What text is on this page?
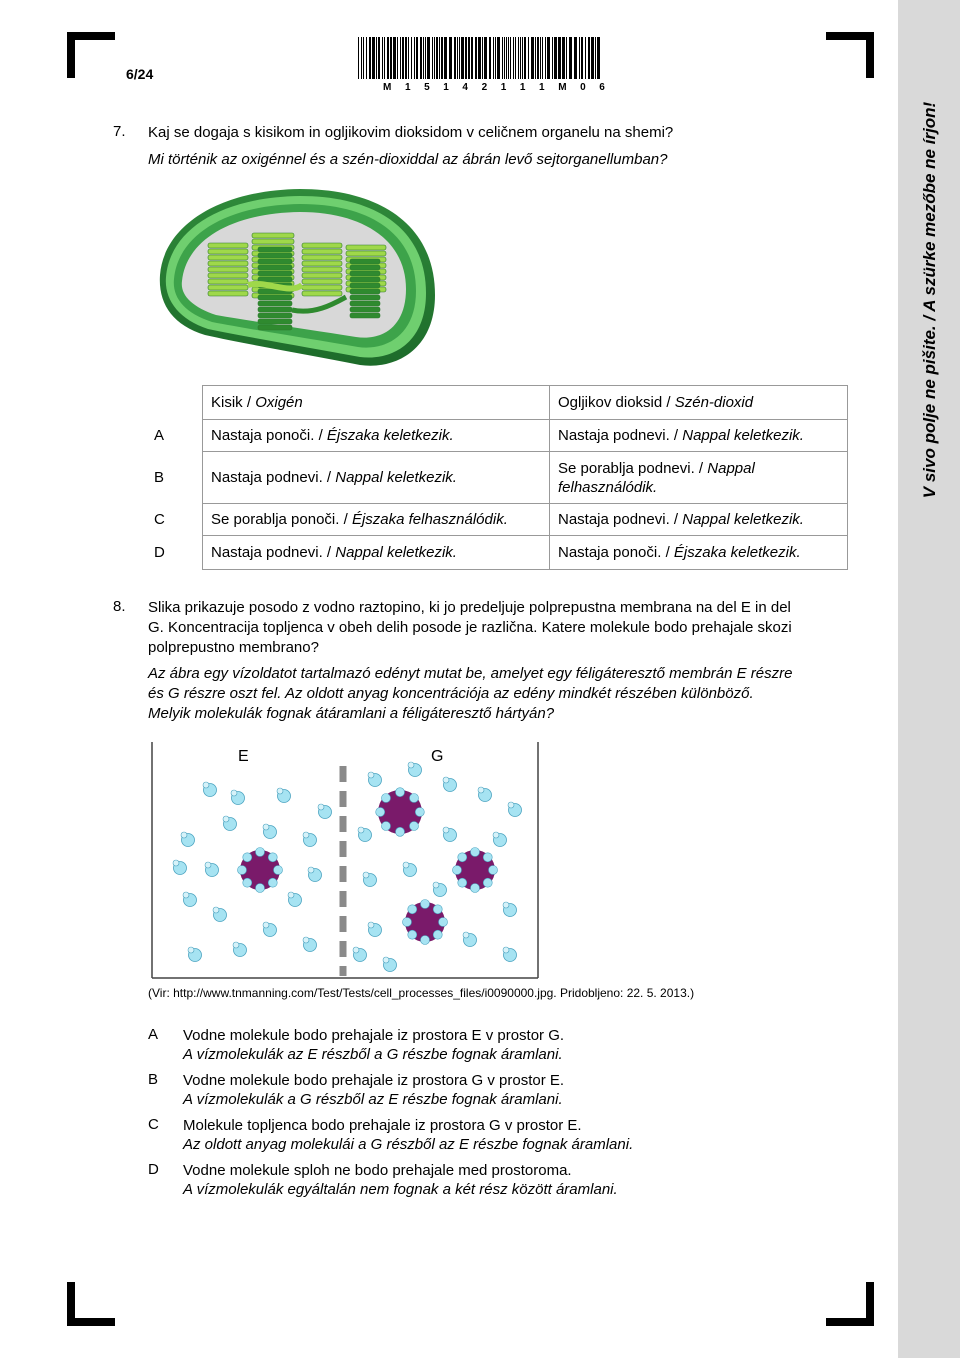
V sivo polje ne pišite. / A szürke mezőbe ne írjon!
6/24
M 1 5 1 4 2 1 1 1 M 0 6
7. Kaj se dogaja s kisikom in ogljikovim dioksidom v celičnem organelu na shemi?
Mi történik az oxigénnel és a szén-dioxiddal az ábrán levő sejtorganellumban?
	Kisik / Oxigén	Ogljikov dioksid / Szén-dioxid
A	Nastaja ponoči. / Éjszaka keletkezik.	Nastaja podnevi. / Nappal keletkezik.
B	Nastaja podnevi. / Nappal keletkezik.	Se porablja podnevi. / Nappal felhasználódik.
C	Se porablja ponoči. / Éjszaka felhasználódik.	Nastaja podnevi. / Nappal keletkezik.
D	Nastaja podnevi. / Nappal keletkezik.	Nastaja ponoči. / Éjszaka keletkezik.
8. Slika prikazuje posodo z vodno raztopino, ki jo predeljuje polprepustna membrana na del E in del
G. Koncentracija topljenca v obeh delih posode je različna. Katere molekule bodo prehajale skozi
polprepustno membrano?
Az ábra egy vízoldatot tartalmazó edényt mutat be, amelyet egy féligáteresztő membrán E részre
és G részre oszt fel. Az oldott anyag koncentrációja az edény mindkét részében különböző.
Melyik molekulák fognak átáramlani a féligáteresztő hártyán?
E	G
(Vir: http://www.tnmanning.com/Test/Tests/cell_processes_files/i0090000.jpg. Pridobljeno: 22. 5. 2013.)
A Vodne molekule bodo prehajale iz prostora E v prostor G.
A vízmolekulák az E részből a G részbe fognak áramlani.
B Vodne molekule bodo prehajale iz prostora G v prostor E.
A vízmolekulák a G részből az E részbe fognak áramlani.
C Molekule topljenca bodo prehajale iz prostora G v prostor E.
Az oldott anyag molekulái a G részből az E részbe fognak áramlani.
D Vodne molekule sploh ne bodo prehajale med prostoroma.
A vízmolekulák egyáltalán nem fognak a két rész között áramlani.
